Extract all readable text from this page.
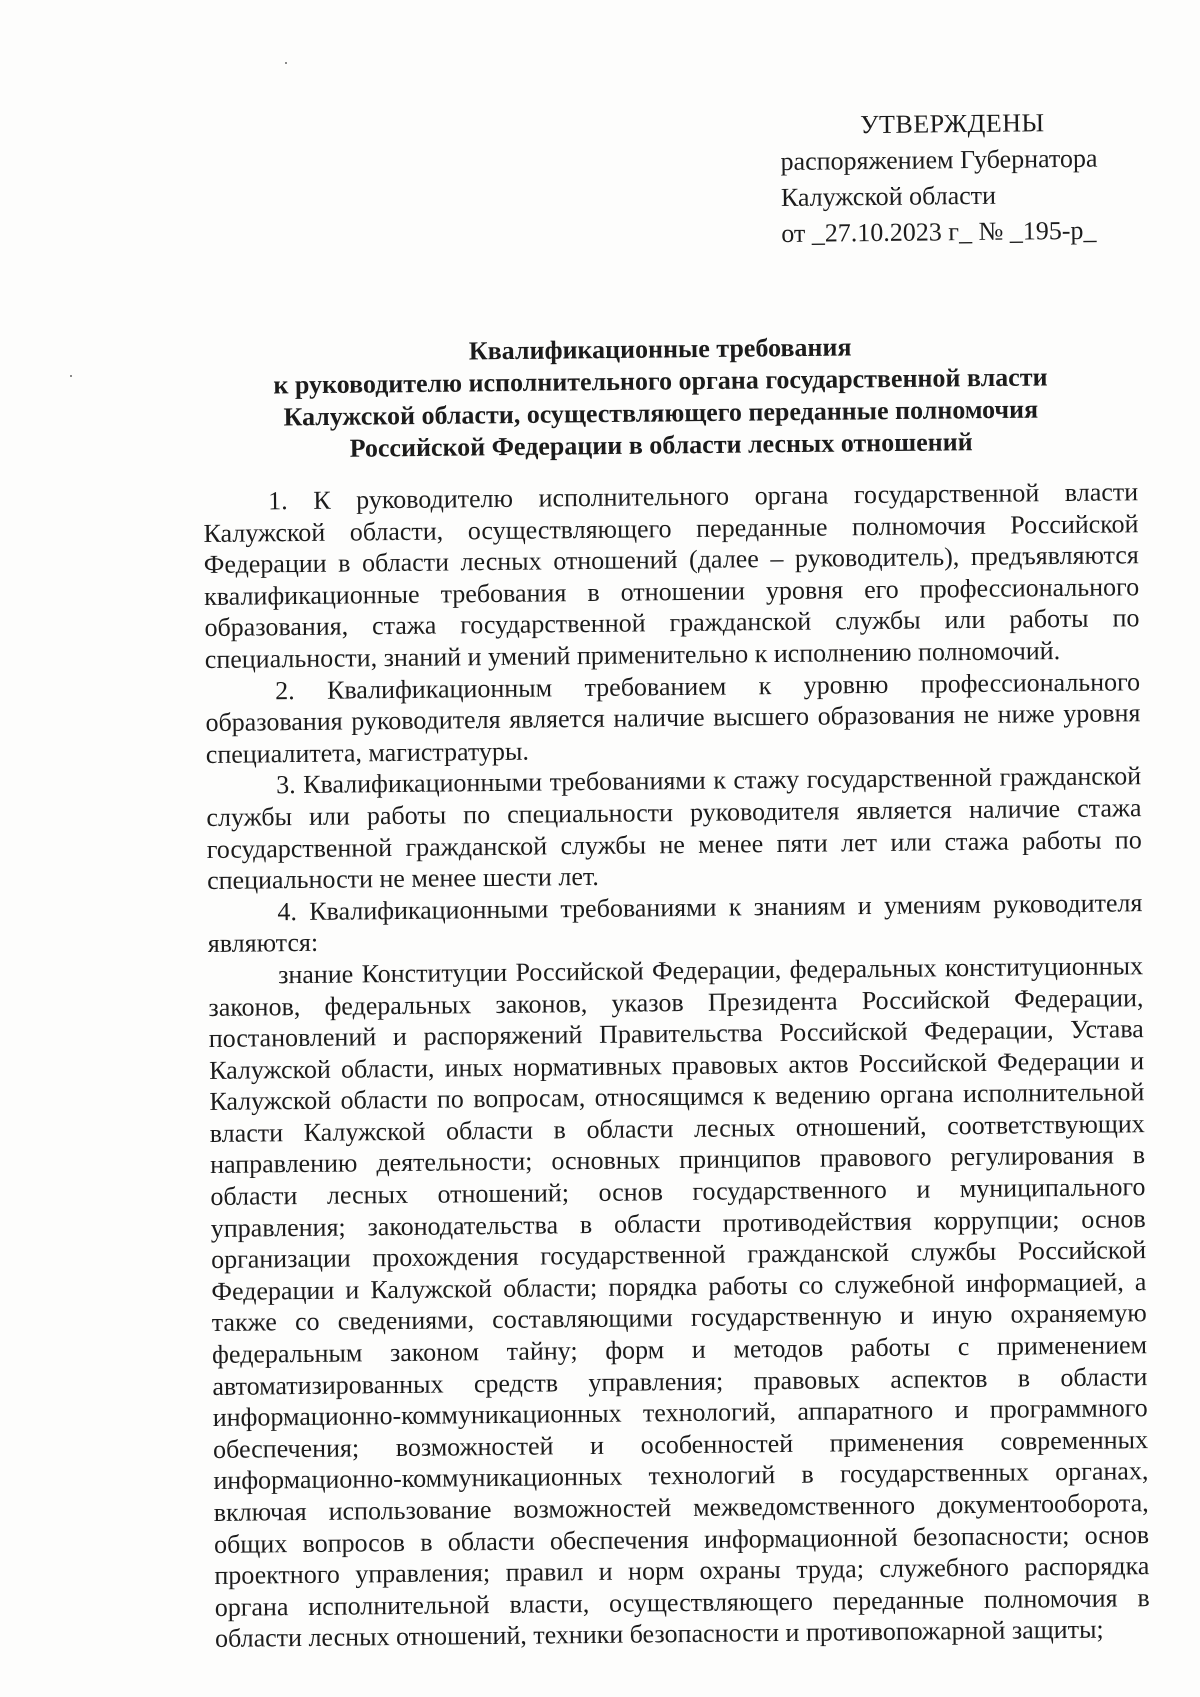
УТВЕРЖДЕНЫ
распоряжением Губернатора
Калужской области
от _27.10.2023 г_ № _195-р_
Квалификационные требования
к руководителю исполнительного органа государственной власти
Калужской области, осуществляющего переданные полномочия
Российской Федерации в области лесных отношений

1. К руководителю исполнительного органа государственной власти Калужской области, осуществляющего переданные полномочия Российской Федерации в области лесных отношений (далее – руководитель), предъявляются квалификационные требования в отношении уровня его профессионального образования, стажа государственной гражданской службы или работы по специальности, знаний и умений применительно к исполнению полномочий.

2. Квалификационным требованием к уровню профессионального образования руководителя является наличие высшего образования не ниже уровня специалитета, магистратуры.

3. Квалификационными требованиями к стажу государственной гражданской службы или работы по специальности руководителя является наличие стажа государственной гражданской службы не менее пяти лет или стажа работы по специальности не менее шести лет.

4. Квалификационными требованиями к знаниям и умениям руководителя являются:

знание Конституции Российской Федерации, федеральных конституционных законов, федеральных законов, указов Президента Российской Федерации, постановлений и распоряжений Правительства Российской Федерации, Устава Калужской области, иных нормативных правовых актов Российской Федерации и Калужской области по вопросам, относящимся к ведению органа исполнительной власти Калужской области в области лесных отношений, соответствующих направлению деятельности; основных принципов правового регулирования в области лесных отношений; основ государственного и муниципального управления; законодательства в области противодействия коррупции; основ организации прохождения государственной гражданской службы Российской Федерации и Калужской области; порядка работы со служебной информацией, а также со сведениями, составляющими государственную и иную охраняемую федеральным законом тайну; форм и методов работы с применением автоматизированных средств управления; правовых аспектов в области информационно-коммуникационных технологий, аппаратного и программного обеспечения; возможностей и особенностей применения современных информационно-коммуникационных технологий в государственных органах, включая использование возможностей межведомственного документооборота, общих вопросов в области обеспечения информационной безопасности; основ проектного управления; правил и норм охраны труда; служебного распорядка органа исполнительной власти, осуществляющего переданные полномочия в области лесных отношений, техники безопасности и противопожарной защиты;
